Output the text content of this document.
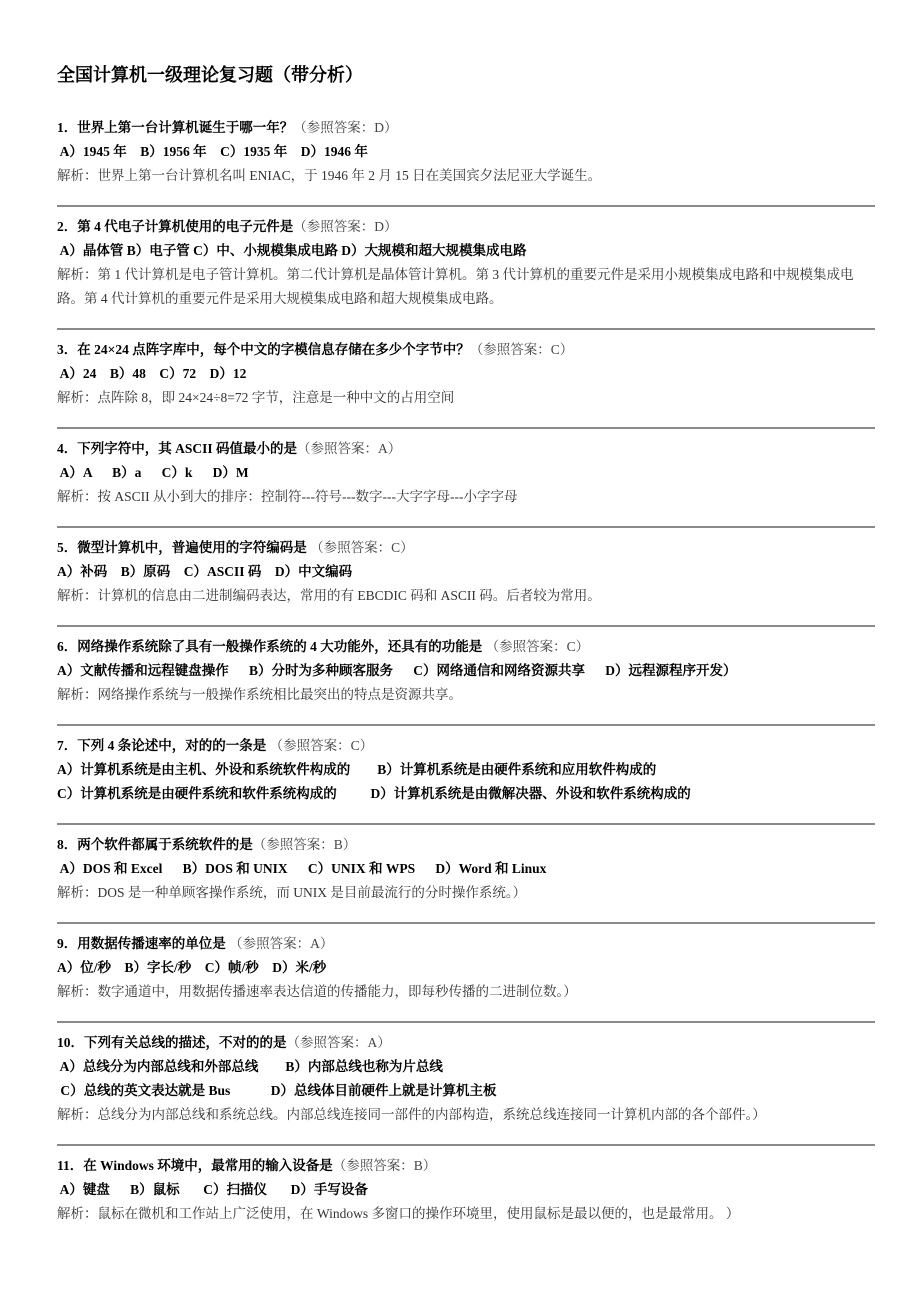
全国计算机一级理论复习题（带分析）
1．世界上第一台计算机诞生于哪一年？（参照答案：D）
A）1945 年    B）1956 年    C）1935 年    D）1946 年
解析：世界上第一台计算机名叫 ENIAC，于 1946 年 2 月 15 日在美国宾夕法尼亚大学诞生。
2．第 4 代电子计算机使用的电子元件是（参照答案：D）
A）晶体管 B）电子管 C）中、小规模集成电路 D）大规模和超大规模集成电路
解析：第 1 代计算机是电子管计算机。第二代计算机是晶体管计算机。第 3 代计算机的重要元件是采用小规模集成电路和中规模集成电路。第 4 代计算机的重要元件是采用大规模集成电路和超大规模集成电路。
3．在 24×24 点阵字库中，每个中文的字模信息存储在多少个字节中？（参照答案：C）
A）24    B）48    C）72    D）12
解析：点阵除 8，即 24×24÷8=72 字节，注意是一种中文的占用空间
4．下列字符中，其 ASCII 码值最小的是（参照答案：A）
A）A      B）a      C）k      D）M
解析：按 ASCII 从小到大的排序：控制符---符号---数字---大字字母---小字字母
5．微型计算机中，普遍使用的字符编码是 （参照答案：C）
A）补码    B）原码    C）ASCII 码    D）中文编码
解析：计算机的信息由二进制编码表达，常用的有 EBCDIC 码和 ASCII 码。后者较为常用。
6．网络操作系统除了具有一般操作系统的 4 大功能外，还具有的功能是 （参照答案：C）
A）文献传播和远程键盘操作      B）分时为多种顾客服务      C）网络通信和网络资源共享      D）远程源程序开发）
解析：网络操作系统与一般操作系统相比最突出的特点是资源共享。
7．下列 4 条论述中，对的的一条是 （参照答案：C）
A）计算机系统是由主机、外设和系统软件构成的        B）计算机系统是由硬件系统和应用软件构成的
C）计算机系统是由硬件系统和软件系统构成的          D）计算机系统是由微解决器、外设和软件系统构成的
8．两个软件都属于系统软件的是（参照答案：B）
A）DOS 和 Excel      B）DOS 和 UNIX      C）UNIX 和 WPS      D）Word 和 Linux
解析：DOS 是一种单顾客操作系统，而 UNIX 是目前最流行的分时操作系统。）
9．用数据传播速率的单位是 （参照答案：A）
A）位/秒    B）字长/秒    C）帧/秒    D）米/秒
解析：数字通道中，用数据传播速率表达信道的传播能力，即每秒传播的二进制位数。）
10．下列有关总线的描述，不对的的是（参照答案：A）
A）总线分为内部总线和外部总线        B）内部总线也称为片总线
C）总线的英文表达就是 Bus            D）总线体目前硬件上就是计算机主板
解析：总线分为内部总线和系统总线。内部总线连接同一部件的内部构造，系统总线连接同一计算机内部的各个部件。）
11．在 Windows 环境中，最常用的输入设备是（参照答案：B）
A）键盘      B）鼠标       C）扫描仪       D）手写设备
解析：鼠标在微机和工作站上广泛使用，在 Windows 多窗口的操作环境里，使用鼠标是最以便的，也是最常用。 ）
